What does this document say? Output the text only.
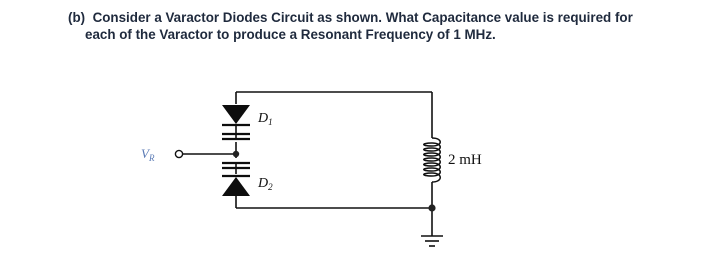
(b) Consider a Varactor Diodes Circuit as shown. What Capacitance value is required for
each of the Varactor to produce a Resonant Frequency of 1 MHz.
$V_R$
$D_1$
$D_2$
2 mH
